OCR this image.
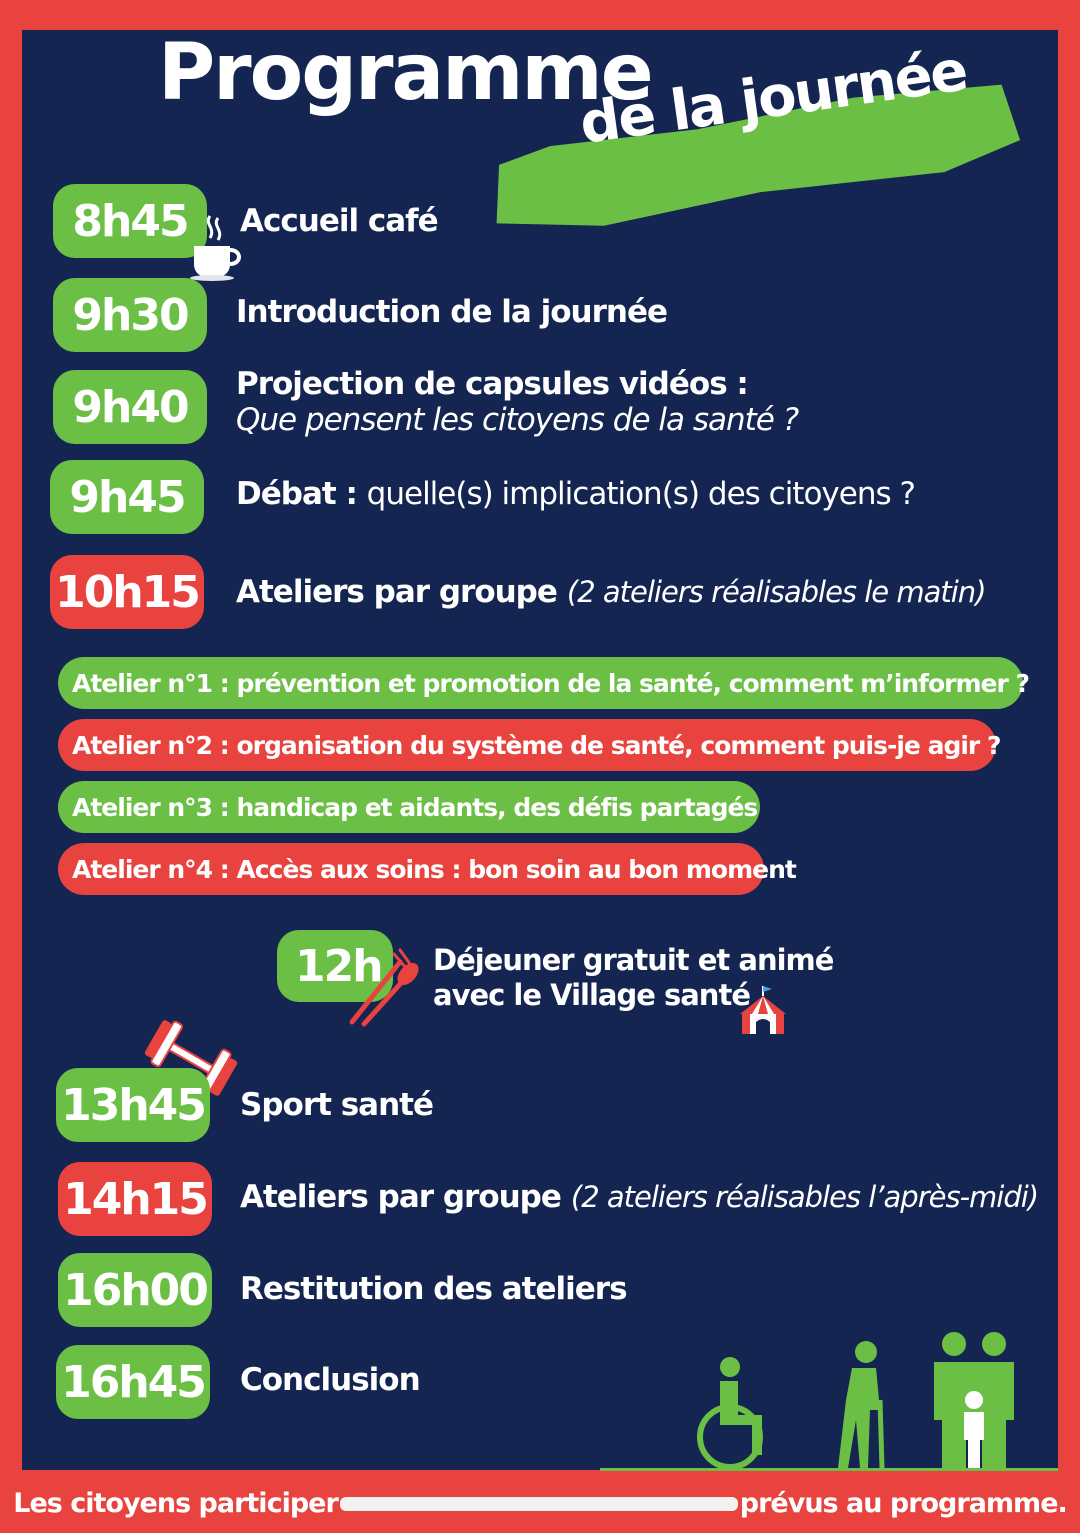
Programme
de la journée
8h45	Accueil café
9h30	Introduction de la journée
9h40	Projection de capsules vidéos :
Que pensent les citoyens de la santé ?
9h45	Débat : quelle(s) implication(s) des citoyens ?
10h15 Ateliers par groupe (2 ateliers réalisables le matin)
Atelier n°1 : prévention et promotion de la santé, comment m’informer ?
Atelier n°2 : organisation du système de santé, comment puis-je agir ?
Atelier n°3 : handicap et aidants, des défis partagés
Atelier n°4 : Accès aux soins : bon soin au bon moment
12h	Déjeuner gratuit et animé
avec le Village santé
13h45 Sport santé
14h15 Ateliers par groupe (2 ateliers réalisables l’après-midi)
16h00 Restitution des ateliers
16h45 Conclusion

Les citoyens participer	prévus au programme.
